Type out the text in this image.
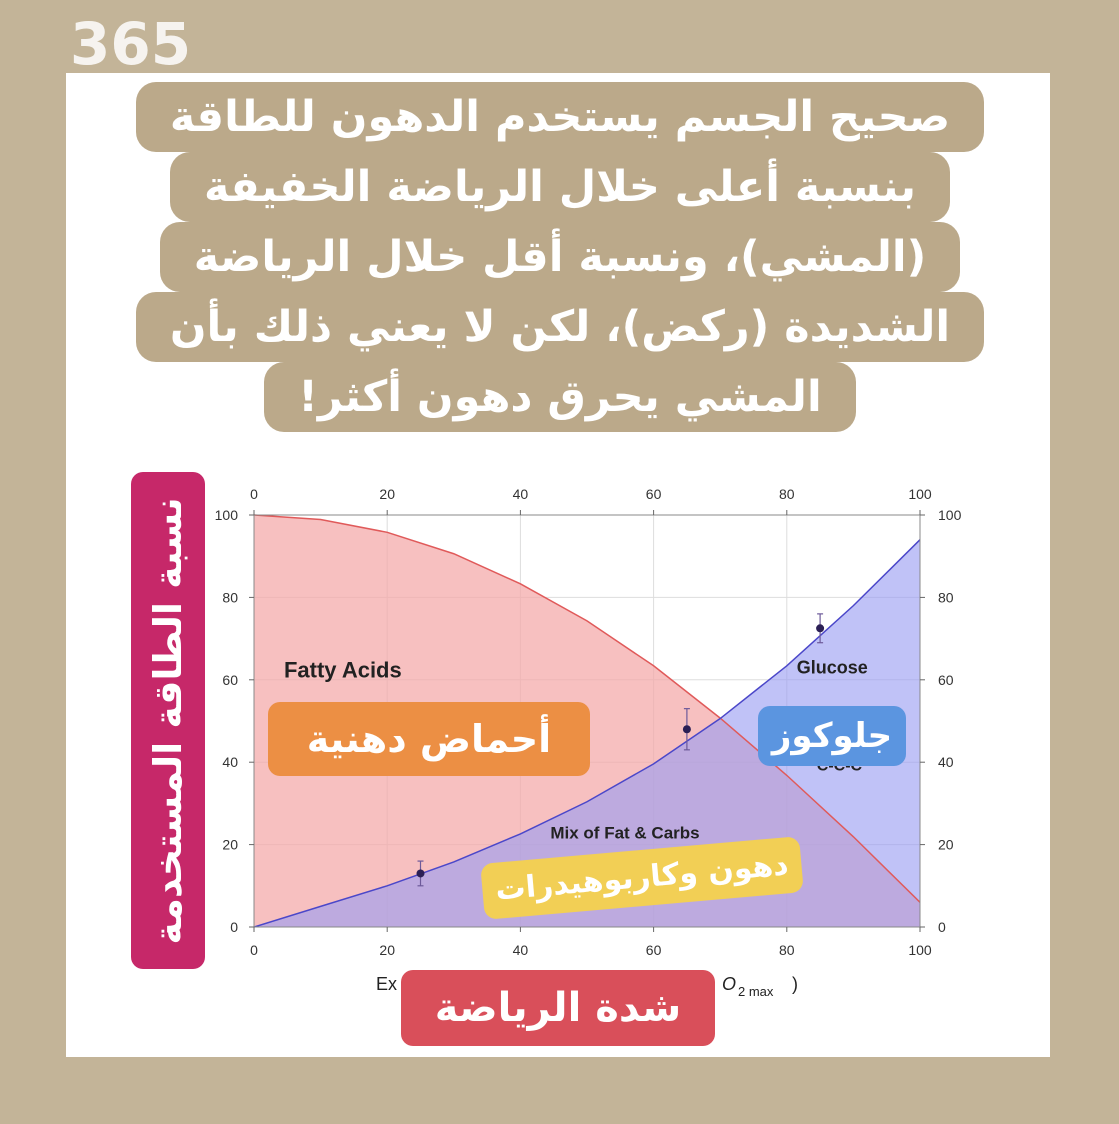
365
صحيح الجسم يستخدم الدهون للطاقة
بنسبة أعلى خلال الرياضة الخفيفة
(المشي)، ونسبة أقل خلال الرياضة
الشديدة (ركض)، لكن لا يعني ذلك بأن
المشي يحرق دهون أكثر!
0
0
20
20
40
40
60
60
80
80
100
100
0	0
20	20
40	40
60	60
80	80
100	100
Fatty Acids	Glucose
Mix of Fat & Carbs
Ex	O 2 max )
أحماض دهنية	جلوكوز
دهون وكاربوهيدرات
نسبة الطاقة المستخدمة
شدة الرياضة
